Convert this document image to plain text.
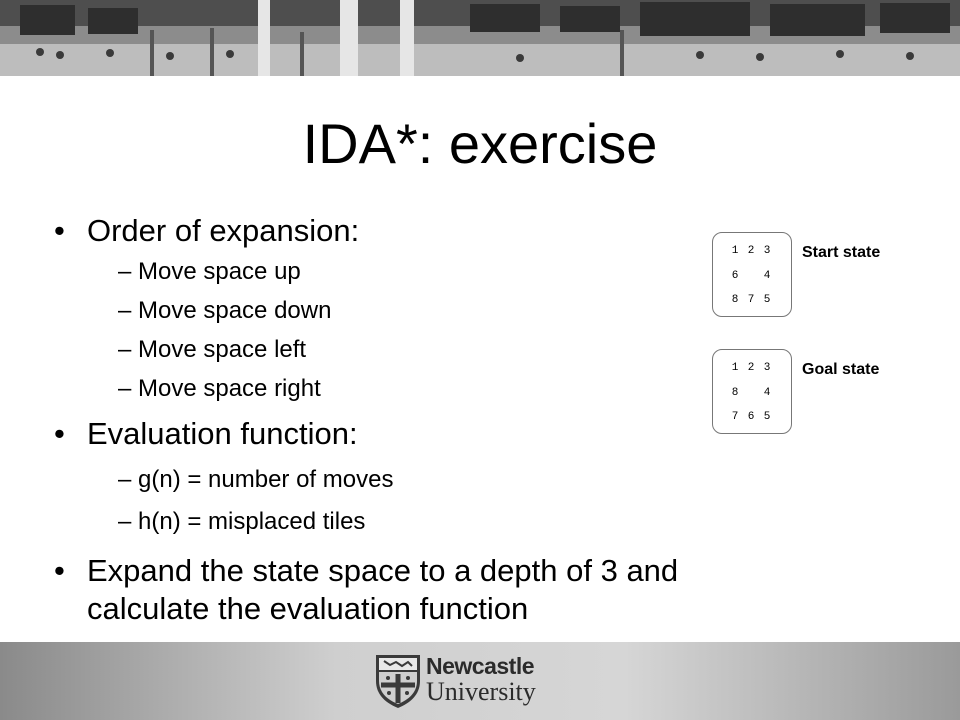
IDA*: exercise
• Order of expansion:
– Move space up
– Move space down
– Move space left
– Move space right
• Evaluation function:
– g(n) = number of moves
– h(n) = misplaced tiles
• Expand the state space to a depth of 3 and
calculate the evaluation function
1 2 3
6 4
8 7 5
Start state
1 2 3
8 4
7 6 5
Goal state
Newcastle
University
